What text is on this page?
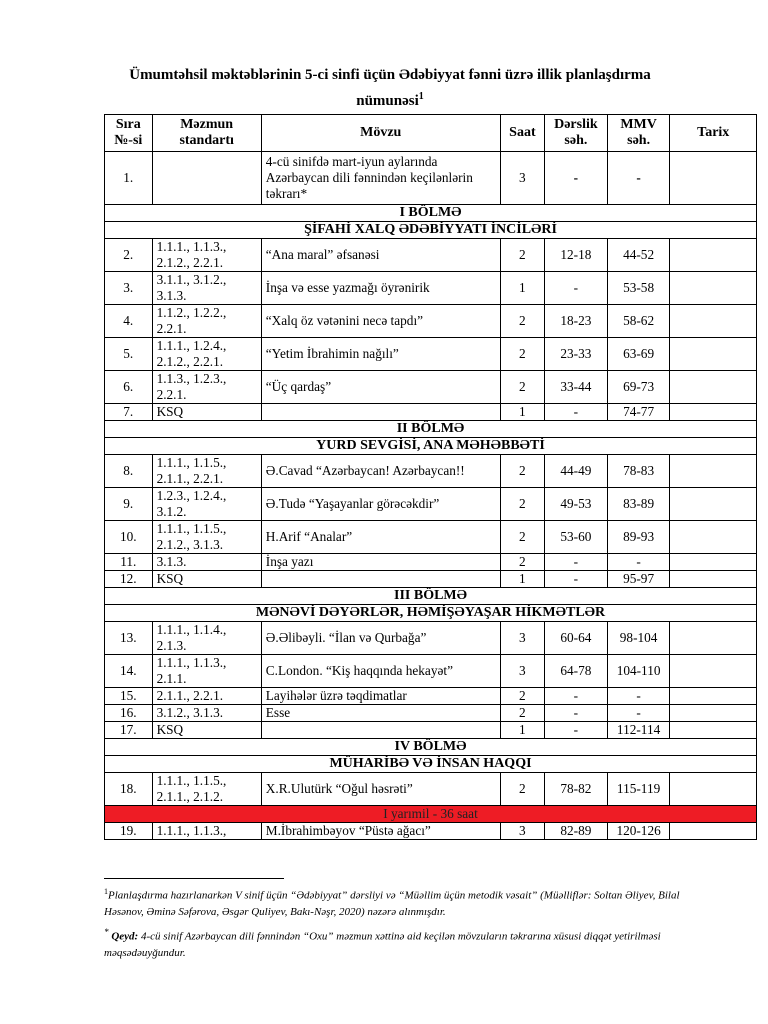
Ümumtəhsil məktəblərinin 5-ci sinfi üçün Ədəbiyyat fənni üzrə illik planlaşdırma
nümunəsi$^1$
Sıra №-si	Məzmun standartı	Mövzu	Saat	Dərslik səh.	MMV səh.	Tarix
1.		4-cü sinifdə mart-iyun aylarında Azərbaycan dili fənnindən keçilənlərin təkrarı*	3	-	-	
I BÖLMƏ						
ŞİFAHİ XALQ ƏDƏBİYYATI İNCİLƏRİ						
2.	1.1.1., 1.1.3., 2.1.2., 2.2.1.	“Ana maral” əfsanəsi	2	12-18	44-52	
3.	3.1.1., 3.1.2., 3.1.3.	İnşa və esse yazmağı öyrənirik	1	-	53-58	
4.	1.1.2., 1.2.2., 2.2.1.	“Xalq öz vətənini necə tapdı”	2	18-23	58-62	
5.	1.1.1., 1.2.4., 2.1.2., 2.2.1.	“Yetim İbrahimin nağılı”	2	23-33	63-69	
6.	1.1.3., 1.2.3., 2.2.1.	“Üç qardaş”	2	33-44	69-73	
7.	KSQ		1	-	74-77	
II BÖLMƏ						
YURD SEVGİSİ, ANA MƏHƏBBƏTİ						
8.	1.1.1., 1.1.5., 2.1.1., 2.2.1.	Ə.Cavad “Azərbaycan! Azərbaycan!!	2	44-49	78-83	
9.	1.2.3., 1.2.4., 3.1.2.	Ə.Tudə “Yaşayanlar görəcəkdir”	2	49-53	83-89	
10.	1.1.1., 1.1.5., 2.1.2., 3.1.3.	H.Arif “Analar”	2	53-60	89-93	
11.	3.1.3.	İnşa yazı	2	-	-	
12.	KSQ		1	-	95-97	
III BÖLMƏ						
MƏNƏVİ DƏYƏRLƏR, HƏMİŞƏYAŞAR HİKMƏTLƏR						
13.	1.1.1., 1.1.4., 2.1.3.	Ə.Əlibəyli. “İlan və Qurbağa”	3	60-64	98-104	
14.	1.1.1., 1.1.3., 2.1.1.	C.London. “Kiş haqqında hekayət”	3	64-78	104-110	
15.	2.1.1., 2.2.1.	Layihələr üzrə təqdimatlar	2	-	-	
16.	3.1.2., 3.1.3.	Esse	2	-	-	
17.	KSQ		1	-	112-114	
IV BÖLMƏ						
MÜHARİBƏ VƏ İNSAN HAQQI						
18.	1.1.1., 1.1.5., 2.1.1., 2.1.2.	X.R.Ulutürk “Oğul həsrəti”	2	78-82	115-119	
I yarımil - 36 saat						
19.	1.1.1., 1.1.3.,	M.İbrahimbəyov “Püstə ağacı”	3	82-89	120-126	
$^1$Planlaşdırma hazırlanarkən V sinif üçün “Ədəbiyyat” dərsliyi və “Müəllim üçün metodik vəsait” (Müəlliflər: Soltan Əliyev, Bilal Həsənov, Əminə Səfərova, Əsgər Quliyev, Bakı-Nəşr, 2020) nəzərə alınmışdır.
* Qeyd: 4-cü sinif Azərbaycan dili fənnindən “Oxu” məzmun xəttinə aid keçilən mövzuların təkrarına xüsusi diqqət yetirilməsi məqsədəuyğundur.
